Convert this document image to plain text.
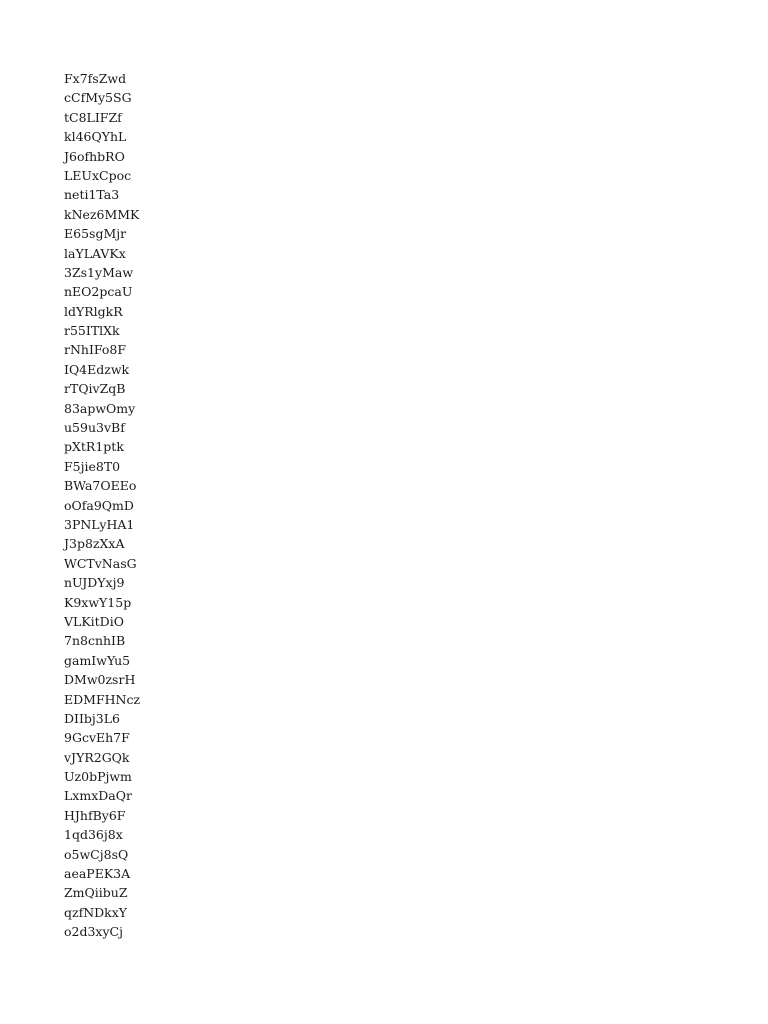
Fx7fsZwd
cCfMy5SG
tC8LIFZf
kl46QYhL
J6ofhbRO
LEUxCpoc
neti1Ta3
kNez6MMK
E65sgMjr
laYLAVKx
3Zs1yMaw
nEO2pcaU
ldYRlgkR
r55ITlXk
rNhIFo8F
IQ4Edzwk
rTQivZqB
83apwOmy
u59u3vBf
pXtR1ptk
F5jie8T0
BWa7OEEo
oOfa9QmD
3PNLyHA1
J3p8zXxA
WCTvNasG
nUJDYxj9
K9xwY15p
VLKitDiO
7n8cnhIB
gamIwYu5
DMw0zsrH
EDMFHNcz
DIIbj3L6
9GcvEh7F
vJYR2GQk
Uz0bPjwm
LxmxDaQr
HJhfBy6F
1qd36j8x
o5wCj8sQ
aeaPEK3A
ZmQiibuZ
qzfNDkxY
o2d3xyCj
